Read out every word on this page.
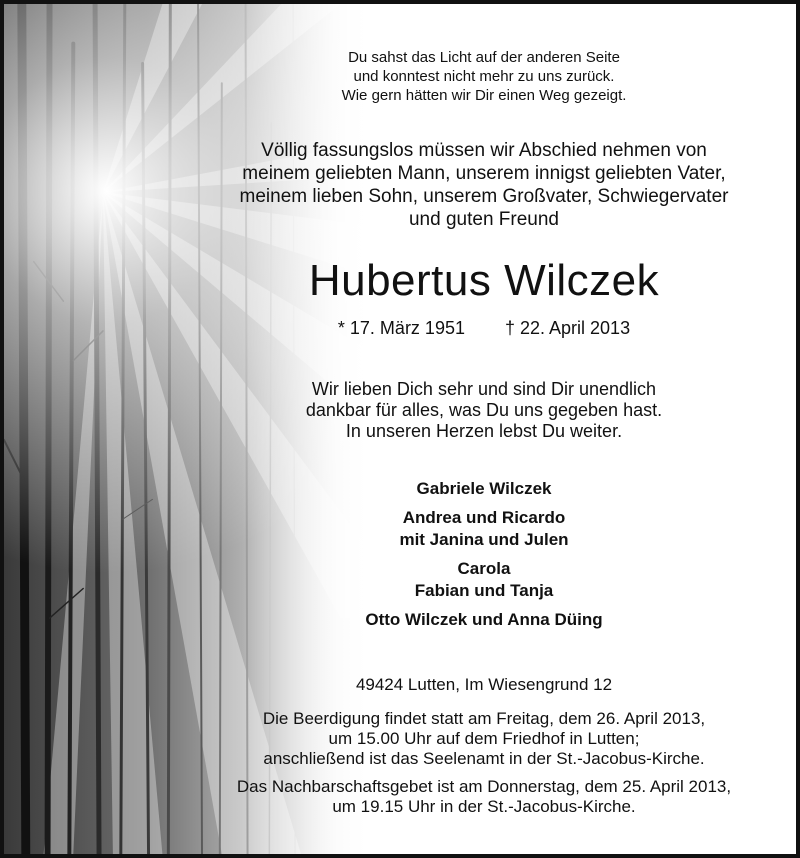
Du sahst das Licht auf der anderen Seite
und konntest nicht mehr zu uns zurück.
Wie gern hätten wir Dir einen Weg gezeigt.
Völlig fassungslos müssen wir Abschied nehmen von
meinem geliebten Mann, unserem innigst geliebten Vater,
meinem lieben Sohn, unserem Großvater, Schwiegervater
und guten Freund
Hubertus Wilczek
* 17. März 1951 † 22. April 2013
Wir lieben Dich sehr und sind Dir unendlich
dankbar für alles, was Du uns gegeben hast.
In unseren Herzen lebst Du weiter.
Gabriele Wilczek
Andrea und Ricardo
mit Janina und Julen
Carola
Fabian und Tanja
Otto Wilczek und Anna Düing
49424 Lutten, Im Wiesengrund 12
Die Beerdigung findet statt am Freitag, dem 26. April 2013,
um 15.00 Uhr auf dem Friedhof in Lutten;
anschließend ist das Seelenamt in der St.-Jacobus-Kirche.
Das Nachbarschaftsgebet ist am Donnerstag, dem 25. April 2013,
um 19.15 Uhr in der St.-Jacobus-Kirche.
